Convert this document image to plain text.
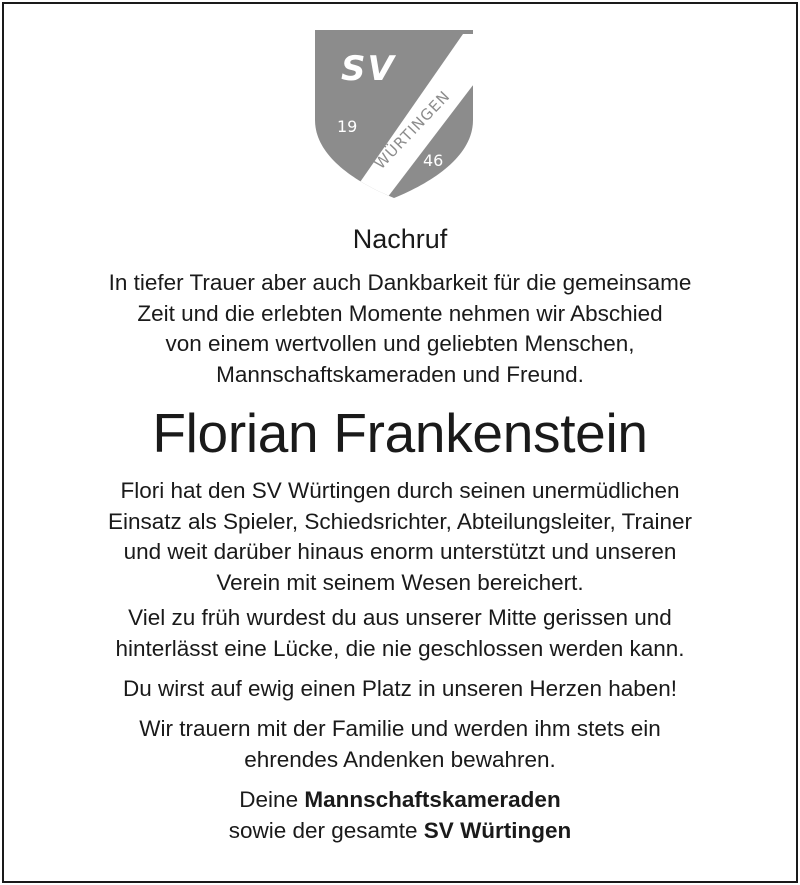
SV
19
46
WÜRTINGEN
Nachruf
In tiefer Trauer aber auch Dankbarkeit für die gemeinsame
Zeit und die erlebten Momente nehmen wir Abschied
von einem wertvollen und geliebten Menschen,
Mannschaftskameraden und Freund.
Florian Frankenstein
Flori hat den SV Würtingen durch seinen unermüdlichen
Einsatz als Spieler, Schiedsrichter, Abteilungsleiter, Trainer
und weit darüber hinaus enorm unterstützt und unseren
Verein mit seinem Wesen bereichert.
Viel zu früh wurdest du aus unserer Mitte gerissen und
hinterlässt eine Lücke, die nie geschlossen werden kann.
Du wirst auf ewig einen Platz in unseren Herzen haben!
Wir trauern mit der Familie und werden ihm stets ein
ehrendes Andenken bewahren.
Deine Mannschaftskameraden
sowie der gesamte SV Würtingen
